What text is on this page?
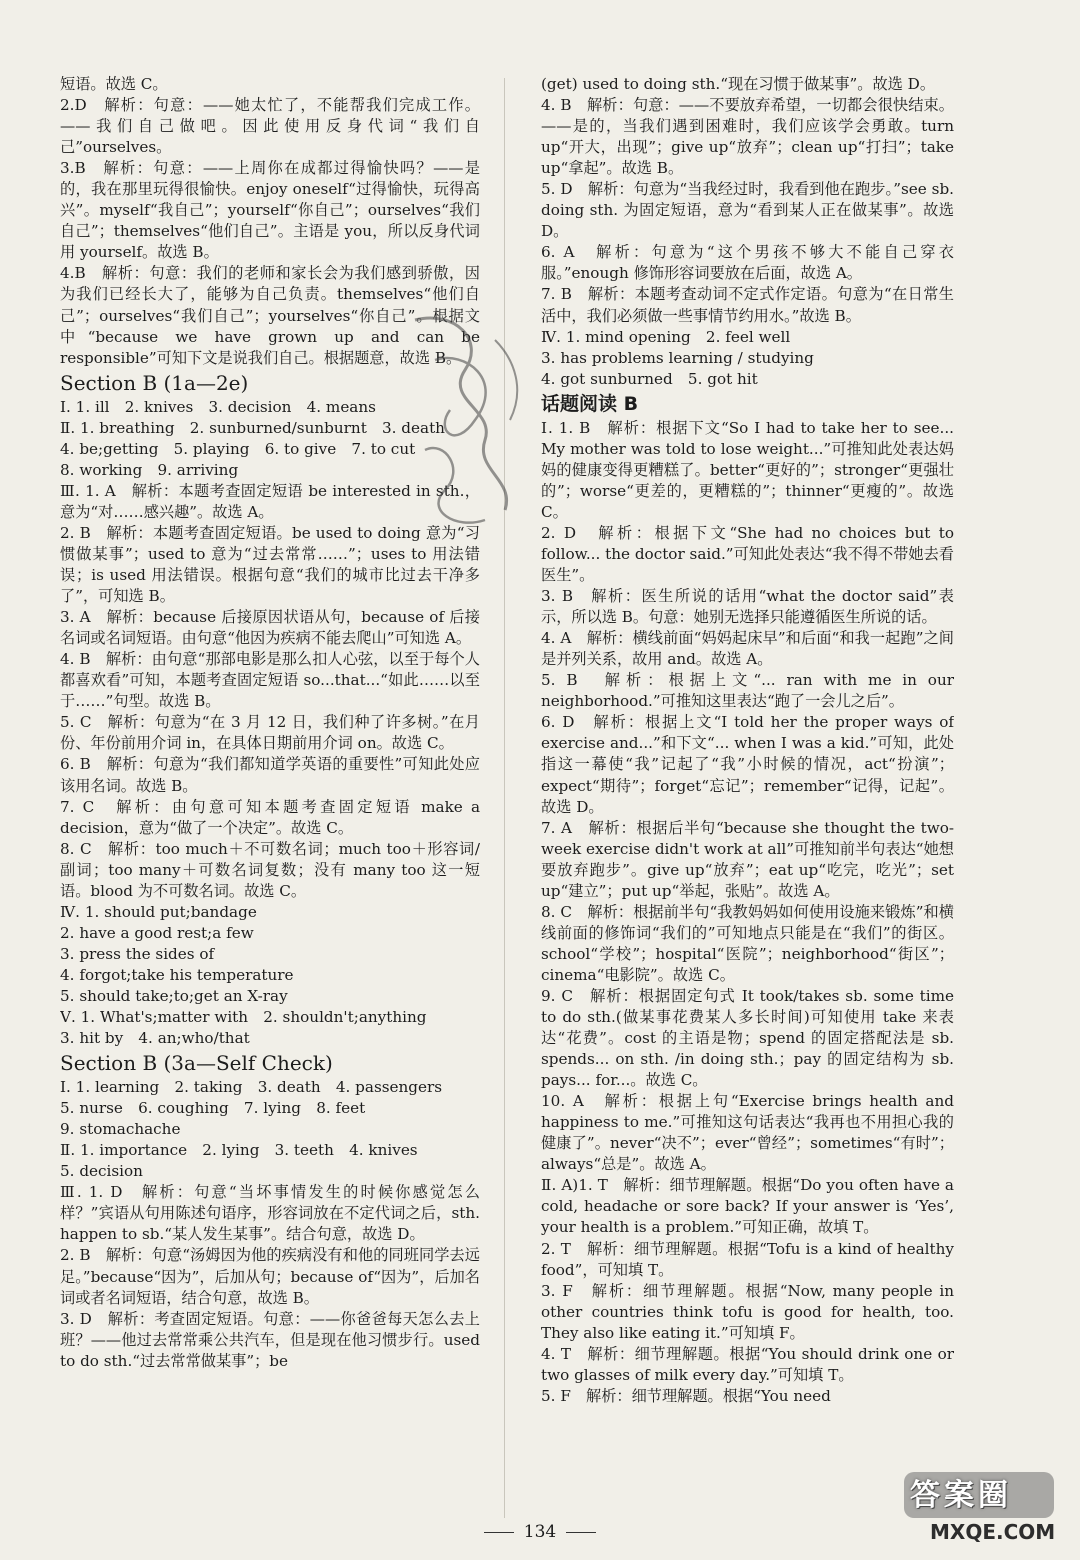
短语。故选 C。

2.D　解析：句意：——她太忙了，不能帮我们完成工作。——我们自己做吧。因此使用反身代词“我们自己”ourselves。

3.B　解析：句意：——上周你在成都过得愉快吗？——是的，我在那里玩得很愉快。enjoy oneself“过得愉快，玩得高兴”。myself“我自己”；yourself“你自己”；ourselves“我们自己”；themselves“他们自己”。主语是 you，所以反身代词用 yourself。故选 B。

4.B　解析：句意：我们的老师和家长会为我们感到骄傲，因为我们已经长大了，能够为自己负责。themselves“他们自己”；ourselves“我们自己”；yourselves“你自己”。根据文中“because we have grown up and can be responsible”可知下文是说我们自己。根据题意，故选 B。

Section B (1a—2e)

Ⅰ. 1. ill　2. knives　3. decision　4. means

Ⅱ. 1. breathing　2. sunburned/sunburnt　3. death

4. be;getting　5. playing　6. to give　7. to cut

8. working　9. arriving

Ⅲ. 1. A　解析：本题考查固定短语 be interested in sth.，意为“对……感兴趣”。故选 A。

2. B　解析：本题考查固定短语。be used to doing 意为“习惯做某事”；used to 意为“过去常常……”；uses to 用法错误；is used 用法错误。根据句意“我们的城市比过去干净多了”，可知选 B。

3. A　解析：because 后接原因状语从句，because of 后接名词或名词短语。由句意“他因为疾病不能去爬山”可知选 A。

4. B　解析：由句意“那部电影是那么扣人心弦，以至于每个人都喜欢看”可知，本题考查固定短语 so...that...“如此……以至于……”句型。故选 B。

5. C　解析：句意为“在 3 月 12 日，我们种了许多树。”在月份、年份前用介词 in，在具体日期前用介词 on。故选 C。

6. B　解析：句意为“我们都知道学英语的重要性”可知此处应该用名词。故选 B。

7. C　解析：由句意可知本题考查固定短语 make a decision，意为“做了一个决定”。故选 C。

8. C　解析：too much＋不可数名词；much too＋形容词/副词；too many＋可数名词复数；没有 many too 这一短语。blood 为不可数名词。故选 C。

Ⅳ. 1. should put;bandage

2. have a good rest;a few

3. press the sides of

4. forgot;take his temperature

5. should take;to;get an X-ray

Ⅴ. 1. What's;matter with　2. shouldn't;anything

3. hit by　4. an;who/that

Section B (3a—Self Check)

Ⅰ. 1. learning　2. taking　3. death　4. passengers

5. nurse　6. coughing　7. lying　8. feet

9. stomachache

Ⅱ. 1. importance　2. lying　3. teeth　4. knives

5. decision

Ⅲ. 1. D　解析：句意“当坏事情发生的时候你感觉怎么样？”宾语从句用陈述句语序，形容词放在不定代词之后，sth. happen to sb.“某人发生某事”。结合句意，故选 D。

2. B　解析：句意“汤姆因为他的疾病没有和他的同班同学去远足。”because“因为”，后加从句；because of“因为”，后加名词或者名词短语，结合句意，故选 B。

3. D　解析：考查固定短语。句意：——你爸爸每天怎么去上班？——他过去常常乘公共汽车，但是现在他习惯步行。used to do sth.“过去常常做某事”；be

(get) used to doing sth.“现在习惯于做某事”。故选 D。

4. B　解析：句意：——不要放弃希望，一切都会很快结束。——是的，当我们遇到困难时，我们应该学会勇敢。turn up“开大，出现”；give up“放弃”；clean up“打扫”；take up“拿起”。故选 B。

5. D　解析：句意为“当我经过时，我看到他在跑步。”see sb. doing sth. 为固定短语，意为“看到某人正在做某事”。故选 D。

6. A　解析：句意为“这个男孩不够大不能自己穿衣服。”enough 修饰形容词要放在后面，故选 A。

7. B　解析：本题考查动词不定式作定语。句意为“在日常生活中，我们必须做一些事情节约用水。”故选 B。

Ⅳ. 1. mind opening　2. feel well

3. has problems learning / studying

4. got sunburned　5. got hit

话题阅读 B

Ⅰ. 1. B　解析：根据下文“So I had to take her to see... My mother was told to lose weight...”可推知此处表达妈妈的健康变得更糟糕了。better“更好的”；stronger“更强壮的”；worse“更差的，更糟糕的”；thinner“更瘦的”。故选 C。

2. D　解析：根据下文“She had no choices but to follow... the doctor said.”可知此处表达“我不得不带她去看医生”。

3. B　解析：医生所说的话用“what the doctor said”表示，所以选 B。句意：她别无选择只能遵循医生所说的话。

4. A　解析：横线前面“妈妈起床早”和后面“和我一起跑”之间是并列关系，故用 and。故选 A。

5. B　解析：根据上文“... ran with me in our neighborhood.”可推知这里表达“跑了一会儿之后”。

6. D　解析：根据上文“I told her the proper ways of exercise and...”和下文“... when I was a kid.”可知，此处指这一幕使“我”记起了“我”小时候的情况，act“扮演”；expect“期待”；forget“忘记”；remember“记得，记起”。故选 D。

7. A　解析：根据后半句“because she thought the two-week exercise didn't work at all”可推知前半句表达“她想要放弃跑步”。give up“放弃”；eat up“吃完，吃光”；set up“建立”；put up“举起，张贴”。故选 A。

8. C　解析：根据前半句“我教妈妈如何使用设施来锻炼”和横线前面的修饰词“我们的”可知地点只能是在“我们”的街区。school“学校”；hospital“医院”；neighborhood“街区”；cinema“电影院”。故选 C。

9. C　解析：根据固定句式 It took/takes sb. some time to do sth.(做某事花费某人多长时间)可知使用 take 来表达“花费”。cost 的主语是物；spend 的固定搭配法是 sb. spends... on sth. /in doing sth.；pay 的固定结构为 sb. pays... for...。故选 C。

10. A　解析：根据上句“Exercise brings health and happiness to me.”可推知这句话表达“我再也不用担心我的健康了”。never“决不”；ever“曾经”；sometimes“有时”；always“总是”。故选 A。

Ⅱ. A)1. T　解析：细节理解题。根据“Do you often have a cold, headache or sore back? If your answer is ‘Yes’, your health is a problem.”可知正确，故填 T。

2. T　解析：细节理解题。根据“Tofu is a kind of healthy food”，可知填 T。

3. F　解析：细节理解题。根据“Now, many people in other countries think tofu is good for health, too. They also like eating it.”可知填 F。

4. T　解析：细节理解题。根据“You should drink one or two glasses of milk every day.”可知填 T。

5. F　解析：细节理解题。根据“You need

134
答案圈
MXQE.COM
